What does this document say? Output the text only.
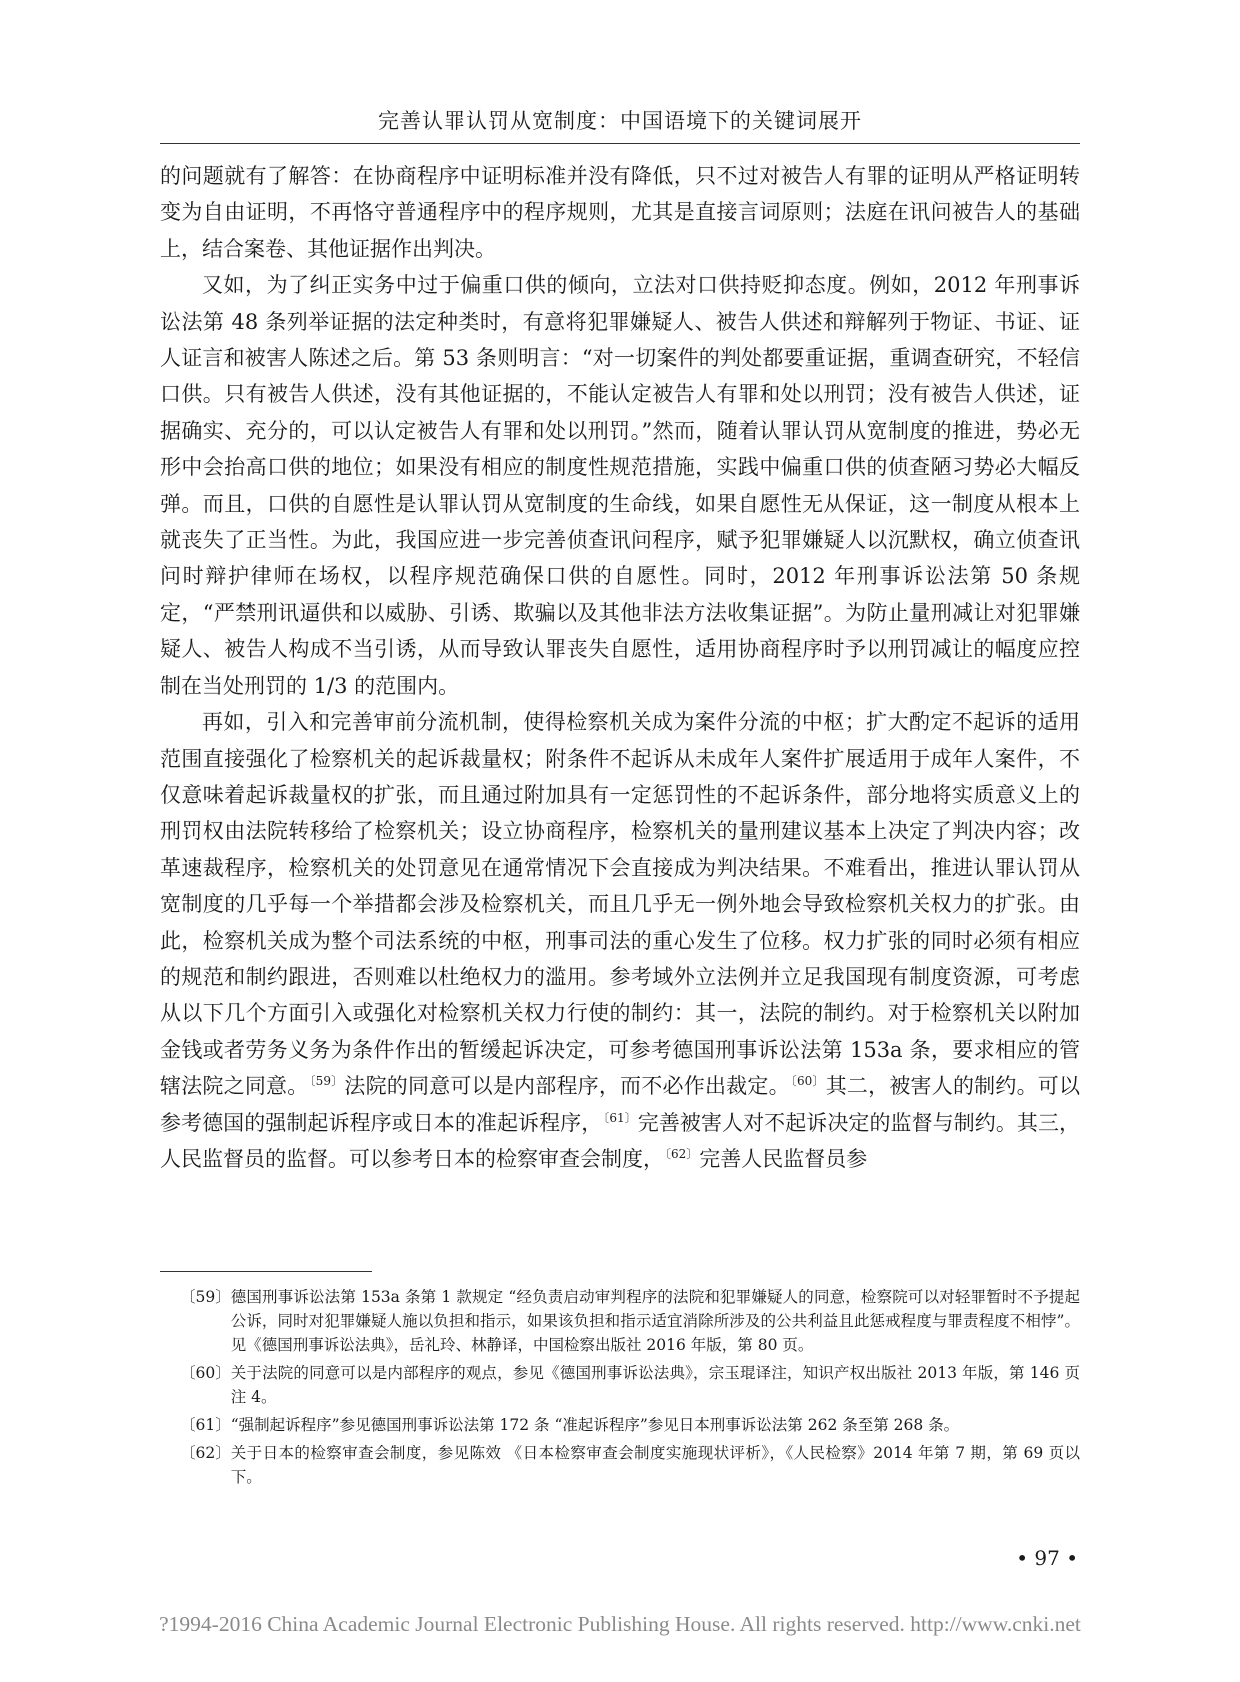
完善认罪认罚从宽制度：中国语境下的关键词展开

的问题就有了解答：在协商程序中证明标准并没有降低，只不过对被告人有罪的证明从严格证明转变为自由证明，不再恪守普通程序中的程序规则，尤其是直接言词原则；法庭在讯问被告人的基础上，结合案卷、其他证据作出判决。

又如，为了纠正实务中过于偏重口供的倾向，立法对口供持贬抑态度。例如，2012 年刑事诉讼法第 48 条列举证据的法定种类时，有意将犯罪嫌疑人、被告人供述和辩解列于物证、书证、证人证言和被害人陈述之后。第 53 条则明言：“对一切案件的判处都要重证据，重调查研究，不轻信口供。只有被告人供述，没有其他证据的，不能认定被告人有罪和处以刑罚；没有被告人供述，证据确实、充分的，可以认定被告人有罪和处以刑罚。”然而，随着认罪认罚从宽制度的推进，势必无形中会抬高口供的地位；如果没有相应的制度性规范措施，实践中偏重口供的侦查陋习势必大幅反弹。而且，口供的自愿性是认罪认罚从宽制度的生命线，如果自愿性无从保证，这一制度从根本上就丧失了正当性。为此，我国应进一步完善侦查讯问程序，赋予犯罪嫌疑人以沉默权，确立侦查讯问时辩护律师在场权，以程序规范确保口供的自愿性。同时，2012 年刑事诉讼法第 50 条规定，“严禁刑讯逼供和以威胁、引诱、欺骗以及其他非法方法收集证据”。为防止量刑减让对犯罪嫌疑人、被告人构成不当引诱，从而导致认罪丧失自愿性，适用协商程序时予以刑罚减让的幅度应控制在当处刑罚的 1/3 的范围内。

再如，引入和完善审前分流机制，使得检察机关成为案件分流的中枢；扩大酌定不起诉的适用范围直接强化了检察机关的起诉裁量权；附条件不起诉从未成年人案件扩展适用于成年人案件，不仅意味着起诉裁量权的扩张，而且通过附加具有一定惩罚性的不起诉条件，部分地将实质意义上的刑罚权由法院转移给了检察机关；设立协商程序，检察机关的量刑建议基本上决定了判决内容；改革速裁程序，检察机关的处罚意见在通常情况下会直接成为判决结果。不难看出，推进认罪认罚从宽制度的几乎每一个举措都会涉及检察机关，而且几乎无一例外地会导致检察机关权力的扩张。由此，检察机关成为整个司法系统的中枢，刑事司法的重心发生了位移。权力扩张的同时必须有相应的规范和制约跟进，否则难以杜绝权力的滥用。参考域外立法例并立足我国现有制度资源，可考虑从以下几个方面引入或强化对检察机关权力行使的制约：其一，法院的制约。对于检察机关以附加金钱或者劳务义务为条件作出的暂缓起诉决定，可参考德国刑事诉讼法第 153a 条，要求相应的管辖法院之同意。$^{〔59〕}$法院的同意可以是内部程序，而不必作出裁定。$^{〔60〕}$其二，被害人的制约。可以参考德国的强制起诉程序或日本的准起诉程序，$^{〔61〕}$完善被害人对不起诉决定的监督与制约。其三，人民监督员的监督。可以参考日本的检察审查会制度，$^{〔62〕}$完善人民监督员参

〔59〕 德国刑事诉讼法第 153a 条第 1 款规定 “经负责启动审判程序的法院和犯罪嫌疑人的同意，检察院可以对轻罪暂时不予提起公诉，同时对犯罪嫌疑人施以负担和指示，如果该负担和指示适宜消除所涉及的公共利益且此惩戒程度与罪责程度不相悖”。见《德国刑事诉讼法典》，岳礼玲、林静译，中国检察出版社 2016 年版，第 80 页。
〔60〕 关于法院的同意可以是内部程序的观点，参见《德国刑事诉讼法典》，宗玉琨译注，知识产权出版社 2013 年版，第 146 页注 4。
〔61〕 “强制起诉程序”参见德国刑事诉讼法第 172 条 “准起诉程序”参见日本刑事诉讼法第 262 条至第 268 条。
〔62〕 关于日本的检察审查会制度，参见陈效 《日本检察审查会制度实施现状评析》，《人民检察》2014 年第 7 期，第 69 页以下。
• 97 •
?1994-2016 China Academic Journal Electronic Publishing House. All rights reserved. http://www.cnki.net
